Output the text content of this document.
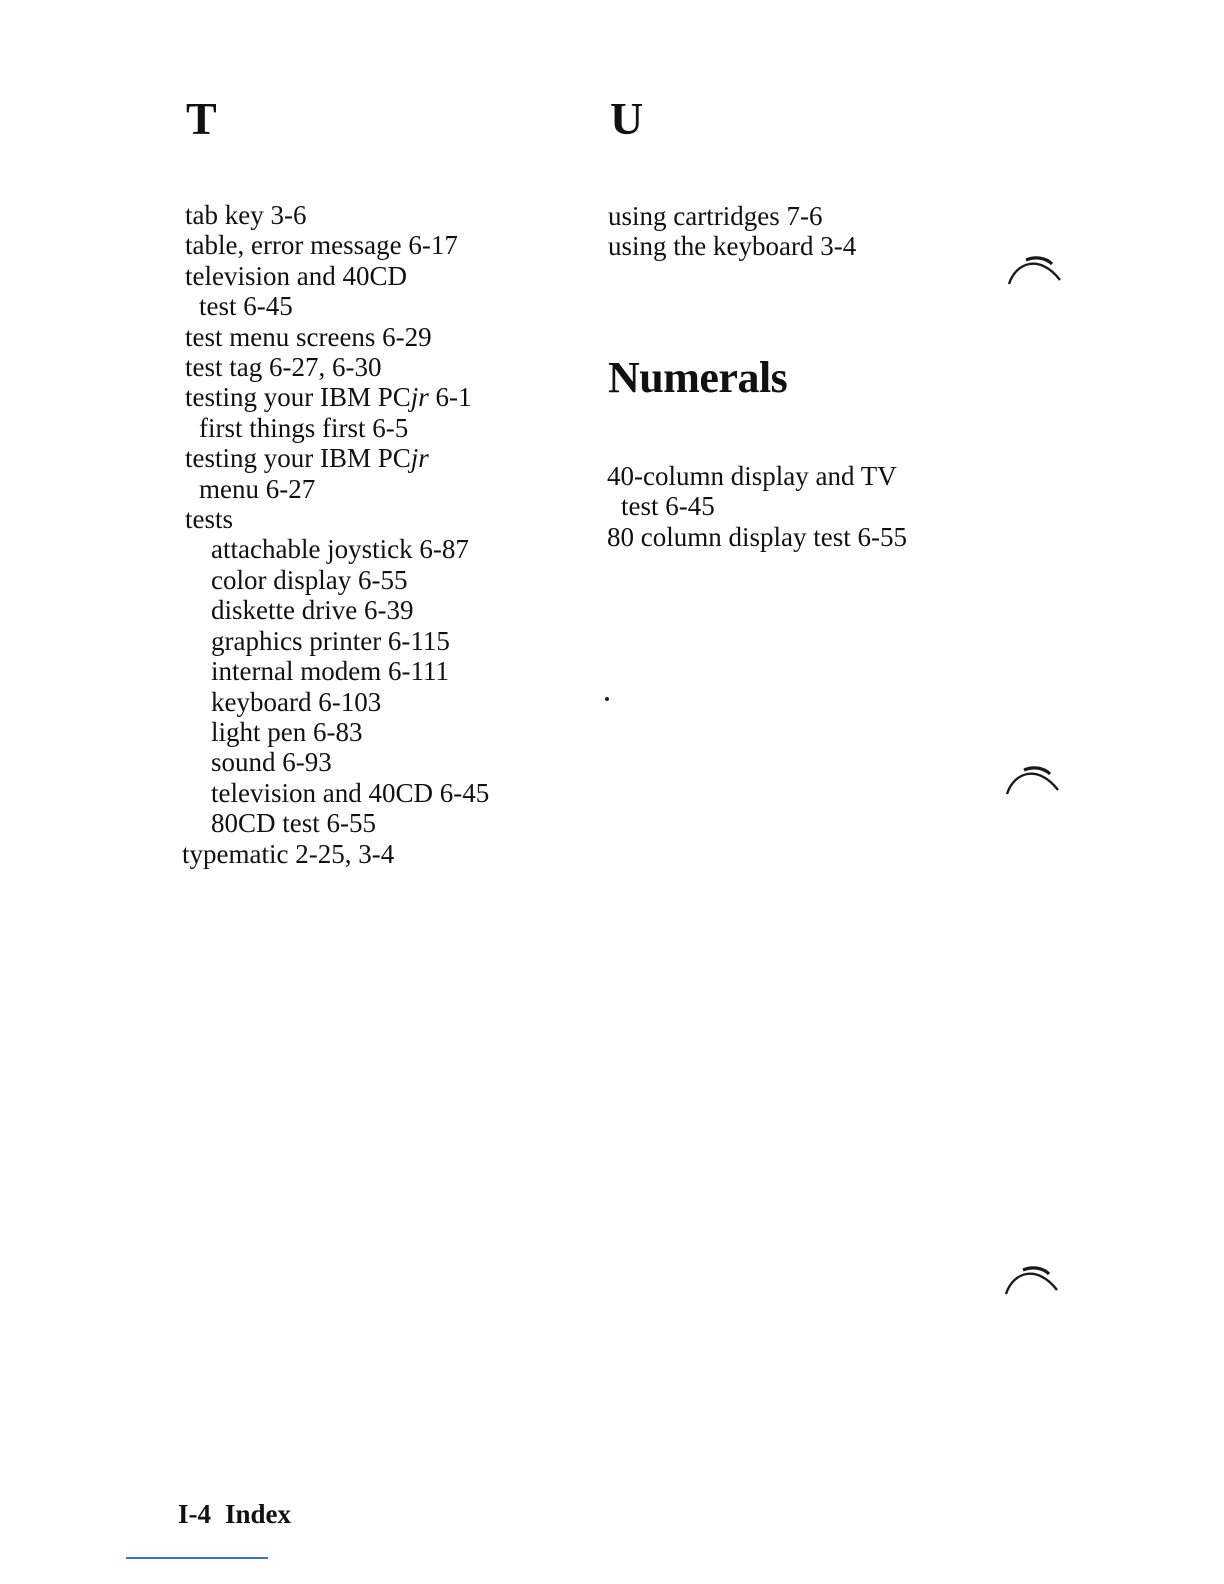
T	U
tab key 3-6
table, error message 6-17
television and 40CD
test 6-45
test menu screens 6-29
test tag 6-27, 6-30
testing your IBM PCjr 6-1
first things first 6-5
testing your IBM PCjr
menu 6-27
tests
attachable joystick 6-87
color display 6-55
diskette drive 6-39
graphics printer 6-115
internal modem 6-111
keyboard 6-103
light pen 6-83
sound 6-93
television and 40CD 6-45
80CD test 6-55
typematic 2-25, 3-4
using cartridges 7-6
using the keyboard 3-4
Numerals
40-column display and TV
test 6-45
80 column display test 6-55
I-4 Index
